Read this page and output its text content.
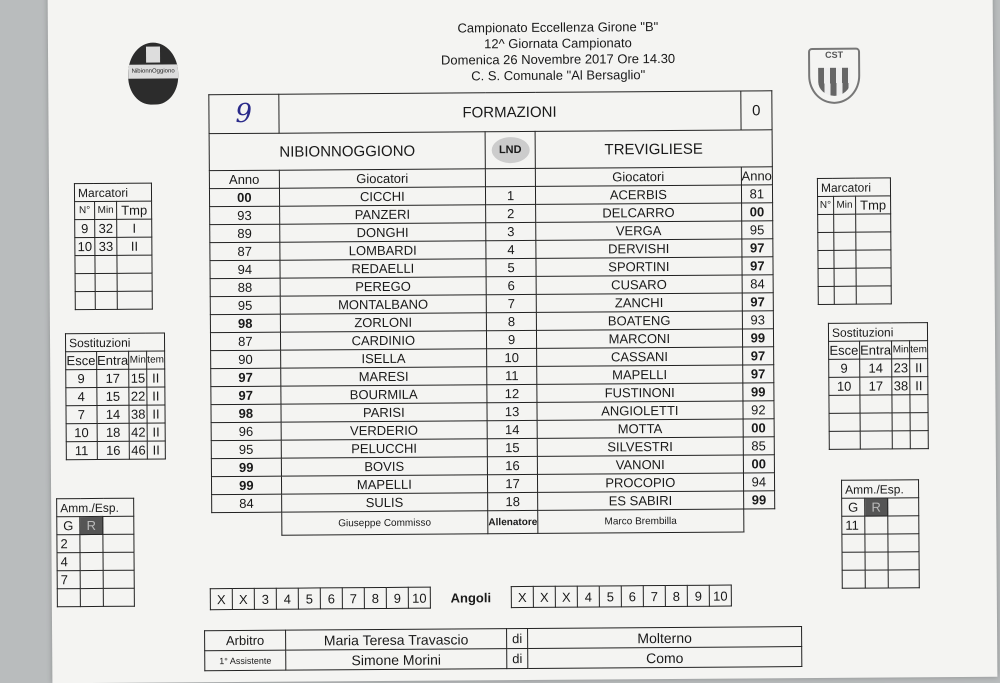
NibionnOggiono
Campionato Eccellenza Girone "B"
12^ Giornata Campionato
Domenica 26 Novembre 2017 Ore 14.30
C. S. Comunale "Al Bersaglio"
CST
9	FORMAZIONI			0
NIBIONNOGGIONO		LND	TREVIGLIESE	
Anno	Giocatori		Giocatori	Anno
00	CICCHI	1	ACERBIS	81
93	PANZERI	2	DELCARRO	00
89	DONGHI	3	VERGA	95
87	LOMBARDI	4	DERVISHI	97
94	REDAELLI	5	SPORTINI	97
88	PEREGO	6	CUSARO	84
95	MONTALBANO	7	ZANCHI	97
98	ZORLONI	8	BOATENG	93
87	CARDINIO	9	MARCONI	99
90	ISELLA	10	CASSANI	97
97	MARESI	11	MAPELLI	97
97	BOURMILA	12	FUSTINONI	99
98	PARISI	13	ANGIOLETTI	92
96	VERDERIO	14	MOTTA	00
95	PELUCCHI	15	SILVESTRI	85
99	BOVIS	16	VANONI	00
99	MAPELLI	17	PROCOPIO	94
84	SULIS	18	ES SABIRI	99
	Giuseppe Commisso	Allenatore	Marco Brembilla	
Marcatori		
N°	Min	Tmp
9	32	I
10	33	II

Marcatori		
N°	Min	Tmp

Sostituzioni			
Esce	Entra	Min	tem
9	17	15	II
4	15	22	II
7	14	38	II
10	18	42	II
11	16	46	II
Sostituzioni			
Esce	Entra	Min	tem
9	14	23	II
10	17	38	II

Amm./Esp.		
G	R	
2		
4		
7		

Amm./Esp.		
G	R	
11		

X	X	3	4	5	6	7	8	9	10	Angoli	X	X	X	4	5	6	7	8	9	10
Arbitro	Maria Teresa Travascio	di	Molterno
1° Assistente	Simone Morini	di	Como
